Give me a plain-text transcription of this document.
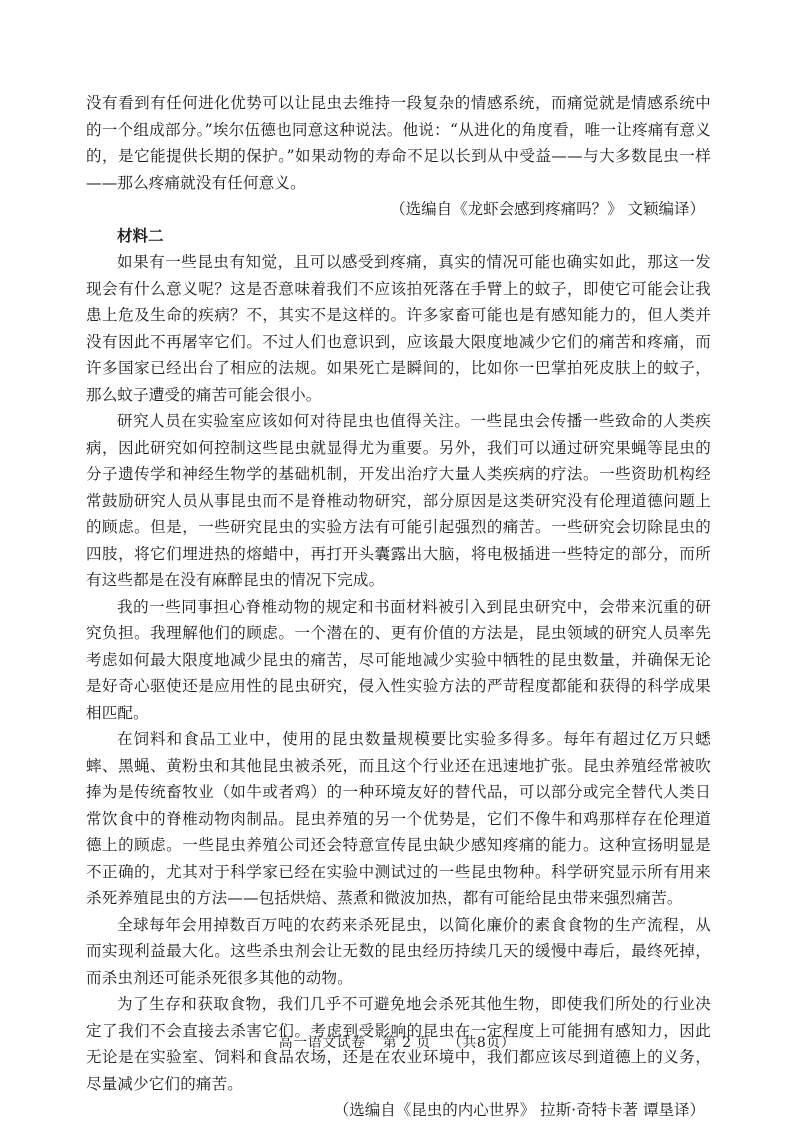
没有看到有任何进化优势可以让昆虫去维持一段复杂的情感系统，而痛觉就是情感系统中的一个组成部分。”埃尔伍德也同意这种说法。他说：“从进化的角度看，唯一让疼痛有意义的，是它能提供长期的保护。”如果动物的寿命不足以长到从中受益——与大多数昆虫一样——那么疼痛就没有任何意义。

（选编自《龙虾会感到疼痛吗？》 文颖编译）

材料二

如果有一些昆虫有知觉，且可以感受到疼痛，真实的情况可能也确实如此，那这一发现会有什么意义呢？这是否意味着我们不应该拍死落在手臂上的蚊子，即使它可能会让我患上危及生命的疾病？不，其实不是这样的。许多家畜可能也是有感知能力的，但人类并没有因此不再屠宰它们。不过人们也意识到，应该最大限度地减少它们的痛苦和疼痛，而许多国家已经出台了相应的法规。如果死亡是瞬间的，比如你一巴掌拍死皮肤上的蚊子，那么蚊子遭受的痛苦可能会很小。

研究人员在实验室应该如何对待昆虫也值得关注。一些昆虫会传播一些致命的人类疾病，因此研究如何控制这些昆虫就显得尤为重要。另外，我们可以通过研究果蝇等昆虫的分子遗传学和神经生物学的基础机制，开发出治疗大量人类疾病的疗法。一些资助机构经常鼓励研究人员从事昆虫而不是脊椎动物研究，部分原因是这类研究没有伦理道德问题上的顾虑。但是，一些研究昆虫的实验方法有可能引起强烈的痛苦。一些研究会切除昆虫的四肢，将它们埋进热的熔蜡中，再打开头囊露出大脑，将电极插进一些特定的部分，而所有这些都是在没有麻醉昆虫的情况下完成。

我的一些同事担心脊椎动物的规定和书面材料被引入到昆虫研究中，会带来沉重的研究负担。我理解他们的顾虑。一个潜在的、更有价值的方法是，昆虫领域的研究人员率先考虑如何最大限度地减少昆虫的痛苦，尽可能地减少实验中牺牲的昆虫数量，并确保无论是好奇心驱使还是应用性的昆虫研究，侵入性实验方法的严苛程度都能和获得的科学成果相匹配。

在饲料和食品工业中，使用的昆虫数量规模要比实验多得多。每年有超过亿万只蟋蟀、黑蝇、黄粉虫和其他昆虫被杀死，而且这个行业还在迅速地扩张。昆虫养殖经常被吹捧为是传统畜牧业（如牛或者鸡）的一种环境友好的替代品，可以部分或完全替代人类日常饮食中的脊椎动物肉制品。昆虫养殖的另一个优势是，它们不像牛和鸡那样存在伦理道德上的顾虑。一些昆虫养殖公司还会特意宣传昆虫缺少感知疼痛的能力。这种宣扬明显是不正确的，尤其对于科学家已经在实验中测试过的一些昆虫物种。科学研究显示所有用来杀死养殖昆虫的方法——包括烘焙、蒸煮和微波加热，都有可能给昆虫带来强烈痛苦。

全球每年会用掉数百万吨的农药来杀死昆虫，以简化廉价的素食食物的生产流程，从而实现利益最大化。这些杀虫剂会让无数的昆虫经历持续几天的缓慢中毒后，最终死掉，而杀虫剂还可能杀死很多其他的动物。

为了生存和获取食物，我们几乎不可避免地会杀死其他生物，即使我们所处的行业决定了我们不会直接去杀害它们。考虑到受影响的昆虫在一定程度上可能拥有感知力，因此无论是在实验室、饲料和食品农场，还是在农业环境中，我们都应该尽到道德上的义务，尽量减少它们的痛苦。

（选编自《昆虫的内心世界》 拉斯·奇特卡著 谭垦译）

高一语文试卷 第 2 页 （共8页）
